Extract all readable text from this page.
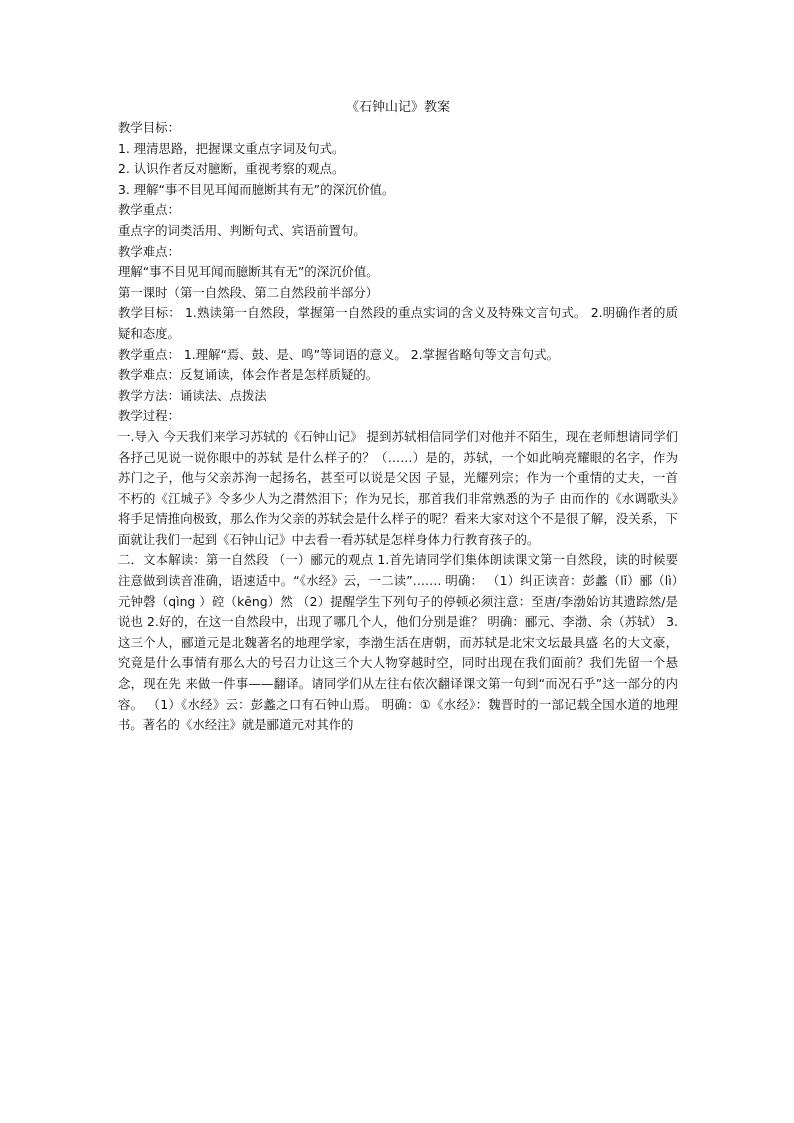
《石钟山记》教案
教学目标：
1. 理清思路，把握课文重点字词及句式。
2. 认识作者反对臆断，重视考察的观点。
3. 理解“事不目见耳闻而臆断其有无”的深沉价值。
教学重点：
重点字的词类活用、判断句式、宾语前置句。
教学难点：
理解“事不目见耳闻而臆断其有无”的深沉价值。
第一课时（第一自然段、第二自然段前半部分）
教学目标： 1.熟读第一自然段，掌握第一自然段的重点实词的含义及特殊文言句式。 2.明确作者的质疑和态度。
教学重点： 1.理解“焉、鼓、是、鸣”等词语的意义。 2.掌握省略句等文言句式。
教学难点：反复诵读，体会作者是怎样质疑的。
教学方法：诵读法、点拨法
教学过程：
一.导入 今天我们来学习苏轼的《石钟山记》 提到苏轼相信同学们对他并不陌生，现在老师想请同学们各抒己见说一说你眼中的苏轼 是什么样子的？（……）是的，苏轼，一个如此响亮耀眼的名字，作为苏门之子，他与父亲苏洵一起扬名，甚至可以说是父因 子显，光耀列宗；作为一个重情的丈夫，一首不朽的《江城子》令多少人为之潸然泪下；作为兄长，那首我们非常熟悉的为子 由而作的《水调歌头》将手足情推向极致，那么作为父亲的苏轼会是什么样子的呢？看来大家对这个不是很了解，没关系，下 面就让我们一起到《石钟山记》中去看一看苏轼是怎样身体力行教育孩子的。
二．文本解读：第一自然段 （一）郦元的观点 1.首先请同学们集体朗读课文第一自然段，读的时候要注意做到读音准确，语速适中。“《水经》云，一二读”……. 明确： （1）纠正读音：彭蠡（lǐ）郦（lì）元钟磬（qìng ）硿（kēng）然 （2）提醒学生下列句子的停顿必须注意：至唐/李渤始访其遗踪然/是说也 2.好的，在这一自然段中，出现了哪几个人，他们分别是谁？ 明确：郦元、李渤、余（苏轼） 3.这三个人，郦道元是北魏著名的地理学家，李渤生活在唐朝，而苏轼是北宋文坛最具盛 名的大文豪，究竟是什么事情有那么大的号召力让这三个大人物穿越时空，同时出现在我们面前？我们先留一个悬念，现在先 来做一件事——翻译。请同学们从左往右依次翻译课文第一句到“而况石乎”这一部分的内容。 （1）《水经》云：彭蠡之口有石钟山焉。 明确：①《水经》：魏晋时的一部记载全国水道的地理书。著名的《水经注》就是郦道元对其作的
